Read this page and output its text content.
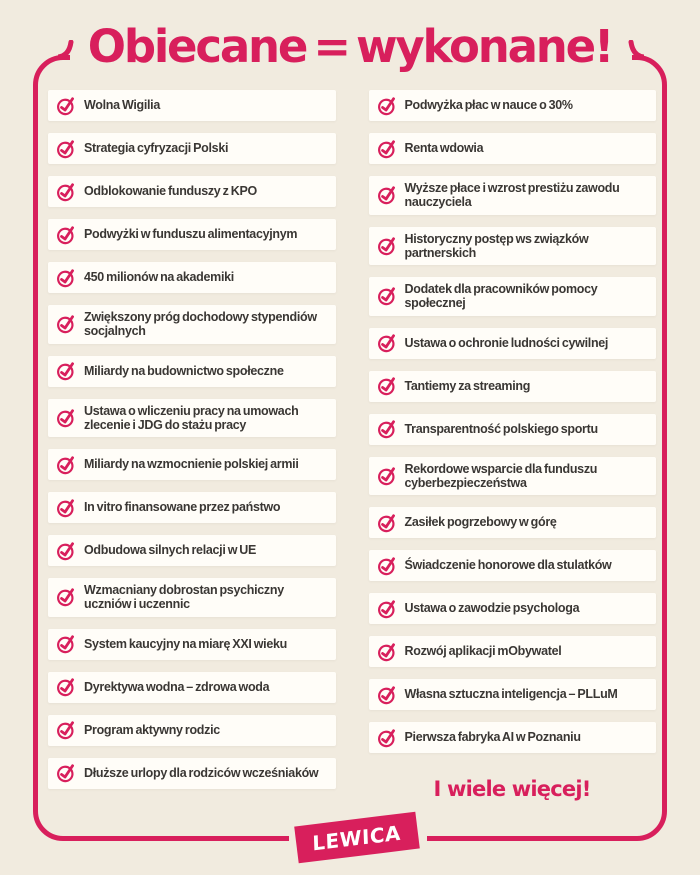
Obiecane = wykonane!
Wolna Wigilia
Strategia cyfryzacji Polski
Odblokowanie funduszy z KPO
Podwyżki w funduszu alimentacyjnym
450 milionów na akademiki
Zwiększony próg dochodowy stypendiów socjalnych
Miliardy na budownictwo społeczne
Ustawa o wliczeniu pracy na umowach zlecenie i JDG do stażu pracy
Miliardy na wzmocnienie polskiej armii
In vitro finansowane przez państwo
Odbudowa silnych relacji w UE
Wzmacniany dobrostan psychiczny uczniów i uczennic
System kaucyjny na miarę XXI wieku
Dyrektywa wodna – zdrowa woda
Program aktywny rodzic
Dłuższe urlopy dla rodziców wcześniaków
Podwyżka płac w nauce o 30%
Renta wdowia
Wyższe płace i wzrost prestiżu zawodu nauczyciela
Historyczny postęp ws związków partnerskich
Dodatek dla pracowników pomocy społecznej
Ustawa o ochronie ludności cywilnej
Tantiemy za streaming
Transparentność polskiego sportu
Rekordowe wsparcie dla funduszu cyberbezpieczeństwa
Zasiłek pogrzebowy w górę
Świadczenie honorowe dla stulatków
Ustawa o zawodzie psychologa
Rozwój aplikacji mObywatel
Własna sztuczna inteligencja – PLLuM
Pierwsza fabryka AI w Poznaniu
I wiele więcej!
LEWICA
